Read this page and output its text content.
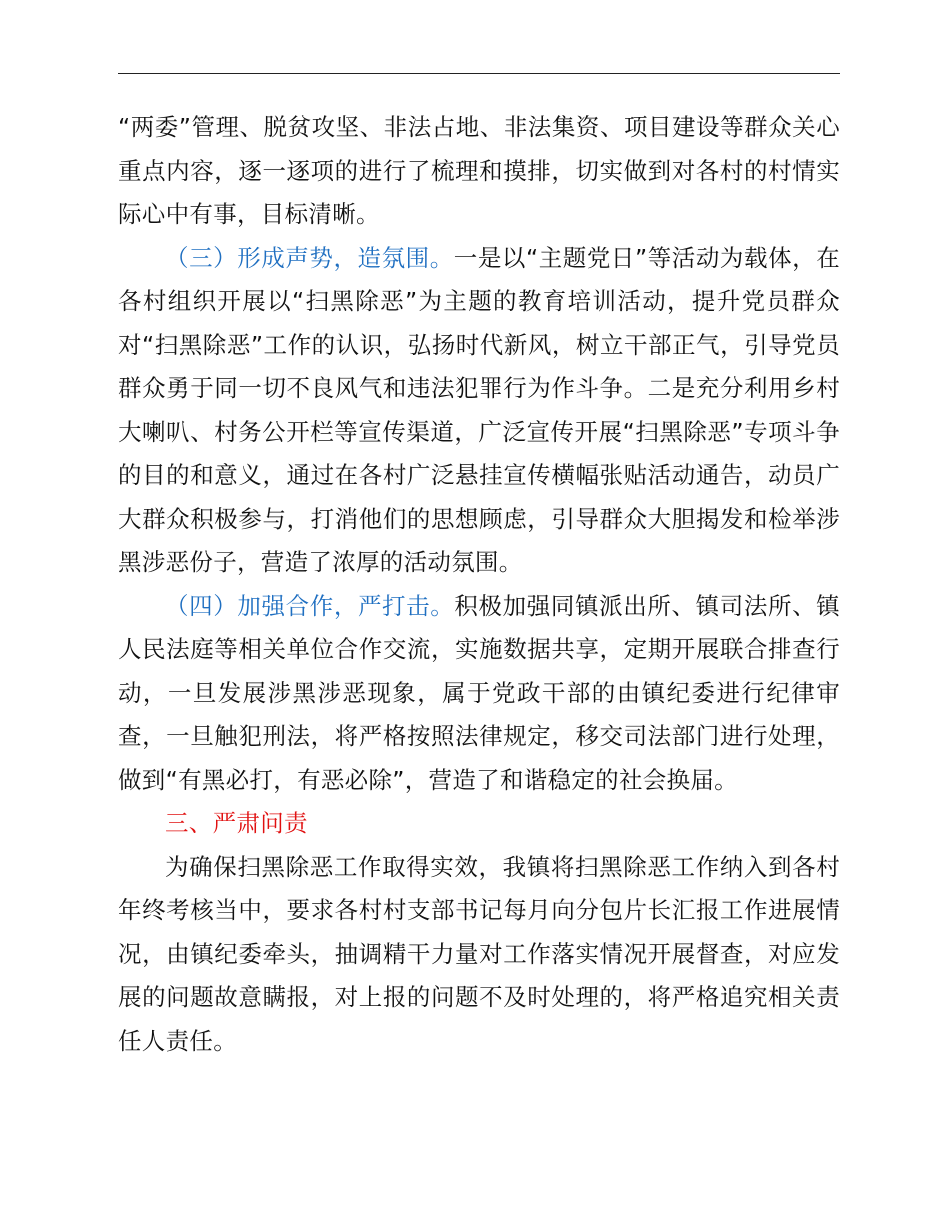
“两委”管理、脱贫攻坚、非法占地、非法集资、项目建设等群众关心重点内容，逐一逐项的进行了梳理和摸排，切实做到对各村的村情实际心中有事，目标清晰。

（三）形成声势，造氛围。一是以“主题党日”等活动为载体，在各村组织开展以“扫黑除恶”为主题的教育培训活动，提升党员群众对“扫黑除恶”工作的认识，弘扬时代新风，树立干部正气，引导党员群众勇于同一切不良风气和违法犯罪行为作斗争。二是充分利用乡村大喇叭、村务公开栏等宣传渠道，广泛宣传开展“扫黑除恶”专项斗争的目的和意义，通过在各村广泛悬挂宣传横幅张贴活动通告，动员广大群众积极参与，打消他们的思想顾虑，引导群众大胆揭发和检举涉黑涉恶份子，营造了浓厚的活动氛围。

（四）加强合作，严打击。积极加强同镇派出所、镇司法所、镇人民法庭等相关单位合作交流，实施数据共享，定期开展联合排查行动，一旦发展涉黑涉恶现象，属于党政干部的由镇纪委进行纪律审查，一旦触犯刑法，将严格按照法律规定，移交司法部门进行处理，做到“有黑必打，有恶必除”，营造了和谐稳定的社会换届。

三、严肃问责

为确保扫黑除恶工作取得实效，我镇将扫黑除恶工作纳入到各村年终考核当中，要求各村村支部书记每月向分包片长汇报工作进展情况，由镇纪委牵头，抽调精干力量对工作落实情况开展督查，对应发展的问题故意瞒报，对上报的问题不及时处理的，将严格追究相关责任人责任。
